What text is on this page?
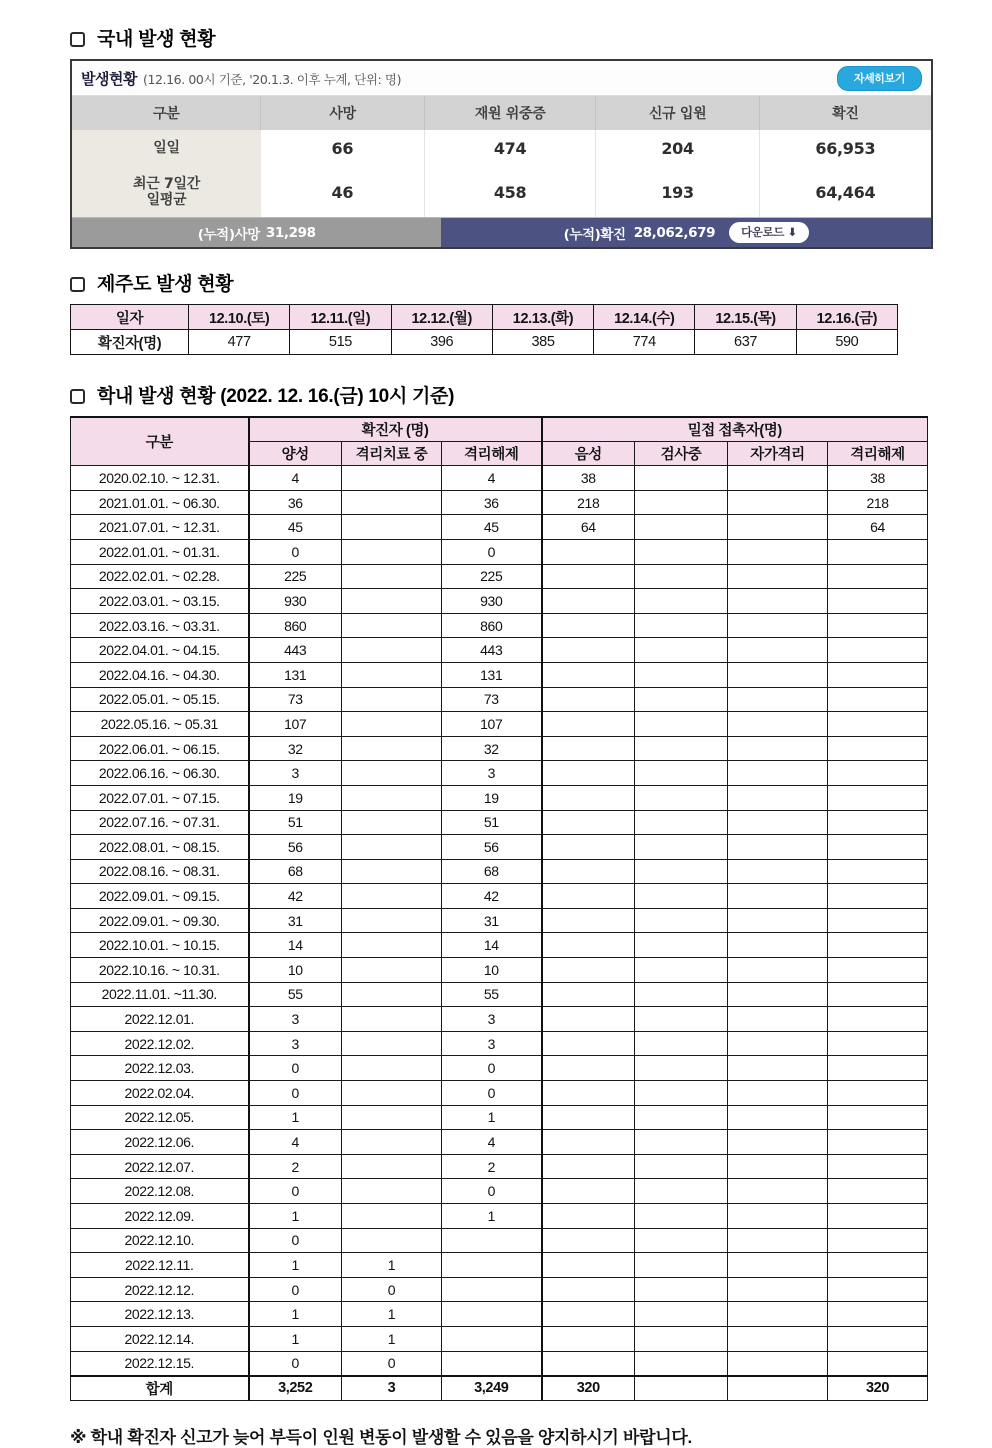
국내 발생 현황
발생현황 (12.16. 00시 기준, '20.1.3. 이후 누계, 단위: 명)	자세히보기
구분	사망	재원 위중증	신규 입원	확진
일일	66	474	204	66,953
최근 7일간
일평균	46	458	193	64,464
(누적)사망 31,298	(누적)확진 28,062,679	다운로드 ⬇
제주도 발생 현황
일자	12.10.(토)	12.11.(일)	12.12.(월)	12.13.(화)	12.14.(수)	12.15.(목)	12.16.(금)
확진자(명)	477	515	396	385	774	637	590
학내 발생 현황 (2022. 12. 16.(금) 10시 기준)
구분	확진자 (명)			밀접 접촉자(명)			
	양성	격리치료 중	격리해제	음성	검사중	자가격리	격리해제
2020.02.10. ~ 12.31.	4		4	38			38
2021.01.01. ~ 06.30.	36		36	218			218
2021.07.01. ~ 12.31.	45		45	64			64
2022.01.01. ~ 01.31.	0		0				
2022.02.01. ~ 02.28.	225		225				
2022.03.01. ~ 03.15.	930		930				
2022.03.16. ~ 03.31.	860		860				
2022.04.01. ~ 04.15.	443		443				
2022.04.16. ~ 04.30.	131		131				
2022.05.01. ~ 05.15.	73		73				
2022.05.16. ~ 05.31	107		107				
2022.06.01. ~ 06.15.	32		32				
2022.06.16. ~ 06.30.	3		3				
2022.07.01. ~ 07.15.	19		19				
2022.07.16. ~ 07.31.	51		51				
2022.08.01. ~ 08.15.	56		56				
2022.08.16. ~ 08.31.	68		68				
2022.09.01. ~ 09.15.	42		42				
2022.09.01. ~ 09.30.	31		31				
2022.10.01. ~ 10.15.	14		14				
2022.10.16. ~ 10.31.	10		10				
2022.11.01. ~11.30.	55		55				
2022.12.01.	3		3				
2022.12.02.	3		3				
2022.12.03.	0		0				
2022.02.04.	0		0				
2022.12.05.	1		1				
2022.12.06.	4		4				
2022.12.07.	2		2				
2022.12.08.	0		0				
2022.12.09.	1		1				
2022.12.10.	0						
2022.12.11.	1	1					
2022.12.12.	0	0					
2022.12.13.	1	1					
2022.12.14.	1	1					
2022.12.15.	0	0					
합계	3,252	3	3,249	320			320
※ 학내 확진자 신고가 늦어 부득이 인원 변동이 발생할 수 있음을 양지하시기 바랍니다.
